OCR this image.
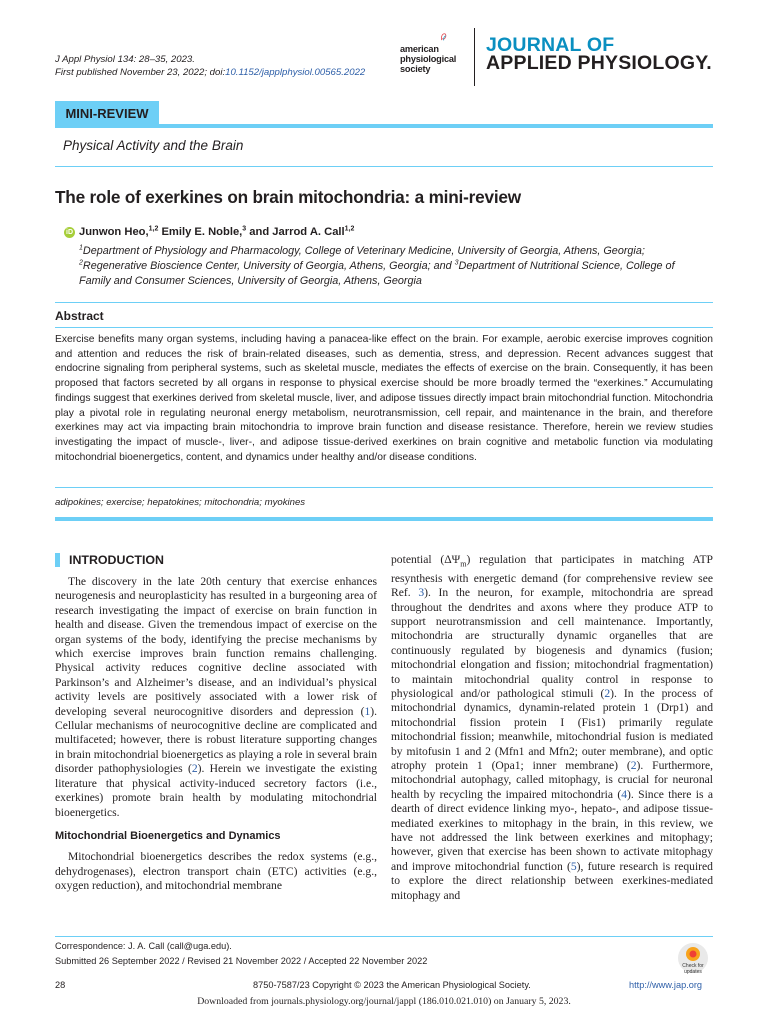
J Appl Physiol 134: 28–35, 2023.
First published November 23, 2022; doi:10.1152/japplphysiol.00565.2022
american
physiological
society
JOURNAL OF
APPLIED PHYSIOLOGY.
MINI-REVIEW
Physical Activity and the Brain
The role of exerkines on brain mitochondria: a mini-review
iD Junwon Heo,$^{1,2}$ Emily E. Noble,$^3$ and Jarrod A. Call$^{1,2}$
$^1$Department of Physiology and Pharmacology, College of Veterinary Medicine, University of Georgia, Athens, Georgia;
$^2$Regenerative Bioscience Center, University of Georgia, Athens, Georgia; and $^3$Department of Nutritional Science, College of
Family and Consumer Sciences, University of Georgia, Athens, Georgia
Abstract
Exercise benefits many organ systems, including having a panacea-like effect on the brain. For example, aerobic exercise improves cognition and attention and reduces the risk of brain-related diseases, such as dementia, stress, and depression. Recent advances suggest that endocrine signaling from peripheral systems, such as skeletal muscle, mediates the effects of exercise on the brain. Consequently, it has been proposed that factors secreted by all organs in response to physical exercise should be more broadly termed the “exerkines.” Accumulating findings suggest that exerkines derived from skeletal muscle, liver, and adipose tissues directly impact brain mitochondrial function. Mitochondria play a pivotal role in regulating neuronal energy metabolism, neurotransmission, cell repair, and maintenance in the brain, and therefore exerkines may act via impacting brain mitochondria to improve brain function and disease resistance. Therefore, herein we review studies investigating the impact of muscle-, liver-, and adipose tissue-derived exerkines on brain cognitive and metabolic function via modulating mitochondrial bioenergetics, content, and dynamics under healthy and/or disease conditions.
adipokines; exercise; hepatokines; mitochondria; myokines
INTRODUCTION

The discovery in the late 20th century that exercise enhances neurogenesis and neuroplasticity has resulted in a burgeoning area of research investigating the impact of exercise on brain function in health and disease. Given the tremendous impact of exercise on the organ systems of the body, identifying the precise mechanisms by which exercise improves brain function remains challenging. Physical activity reduces cognitive decline associated with Parkinson’s and Alzheimer’s disease, and an individual’s physical activity levels are positively associated with a lower risk of developing several neurocognitive disorders and depression (1). Cellular mechanisms of neurocognitive decline are complicated and multifaceted; however, there is robust literature supporting changes in brain mitochondrial bioenergetics as playing a role in several brain disorder pathophysiologies (2). Herein we investigate the existing literature that physical activity-induced secretory factors (i.e., exerkines) promote brain health by modulating mitochondrial bioenergetics.

Mitochondrial Bioenergetics and Dynamics

Mitochondrial bioenergetics describes the redox systems (e.g., dehydrogenases), electron transport chain (ETC) activities (e.g., oxygen reduction), and mitochondrial membrane

potential $(\Delta\Psi_m)$ regulation that participates in matching ATP resynthesis with energetic demand (for comprehensive review see Ref. 3). In the neuron, for example, mitochondria are spread throughout the dendrites and axons where they produce ATP to support neurotransmission and cell maintenance. Importantly, mitochondria are structurally dynamic organelles that are continuously regulated by biogenesis and dynamics (fusion; mitochondrial elongation and fission; mitochondrial fragmentation) to maintain mitochondrial quality control in response to physiological and/or pathological stimuli (2). In the process of mitochondrial dynamics, dynamin-related protein 1 (Drp1) and mitochondrial fission protein I (Fis1) primarily regulate mitochondrial fission; meanwhile, mitochondrial fusion is mediated by mitofusin 1 and 2 (Mfn1 and Mfn2; outer membrane), and optic atrophy protein 1 (Opa1; inner membrane) (2). Furthermore, mitochondrial autophagy, called mitophagy, is crucial for neuronal health by recycling the impaired mitochondria (4). Since there is a dearth of direct evidence linking myo-, hepato-, and adipose tissue-mediated exerkines to mitophagy in the brain, in this review, we have not addressed the link between exerkines and mitophagy; however, given that exercise has been shown to activate mitophagy and improve mitochondrial function (5), future research is required to explore the direct relationship between exerkines-mediated mitophagy and

Correspondence: J. A. Call (call@uga.edu).
Submitted 26 September 2022 / Revised 21 November 2022 / Accepted 22 November 2022	Check for updates
28	8750-7587/23 Copyright © 2023 the American Physiological Society.	http://www.jap.org
Downloaded from journals.physiology.org/journal/jappl (186.010.021.010) on January 5, 2023.
